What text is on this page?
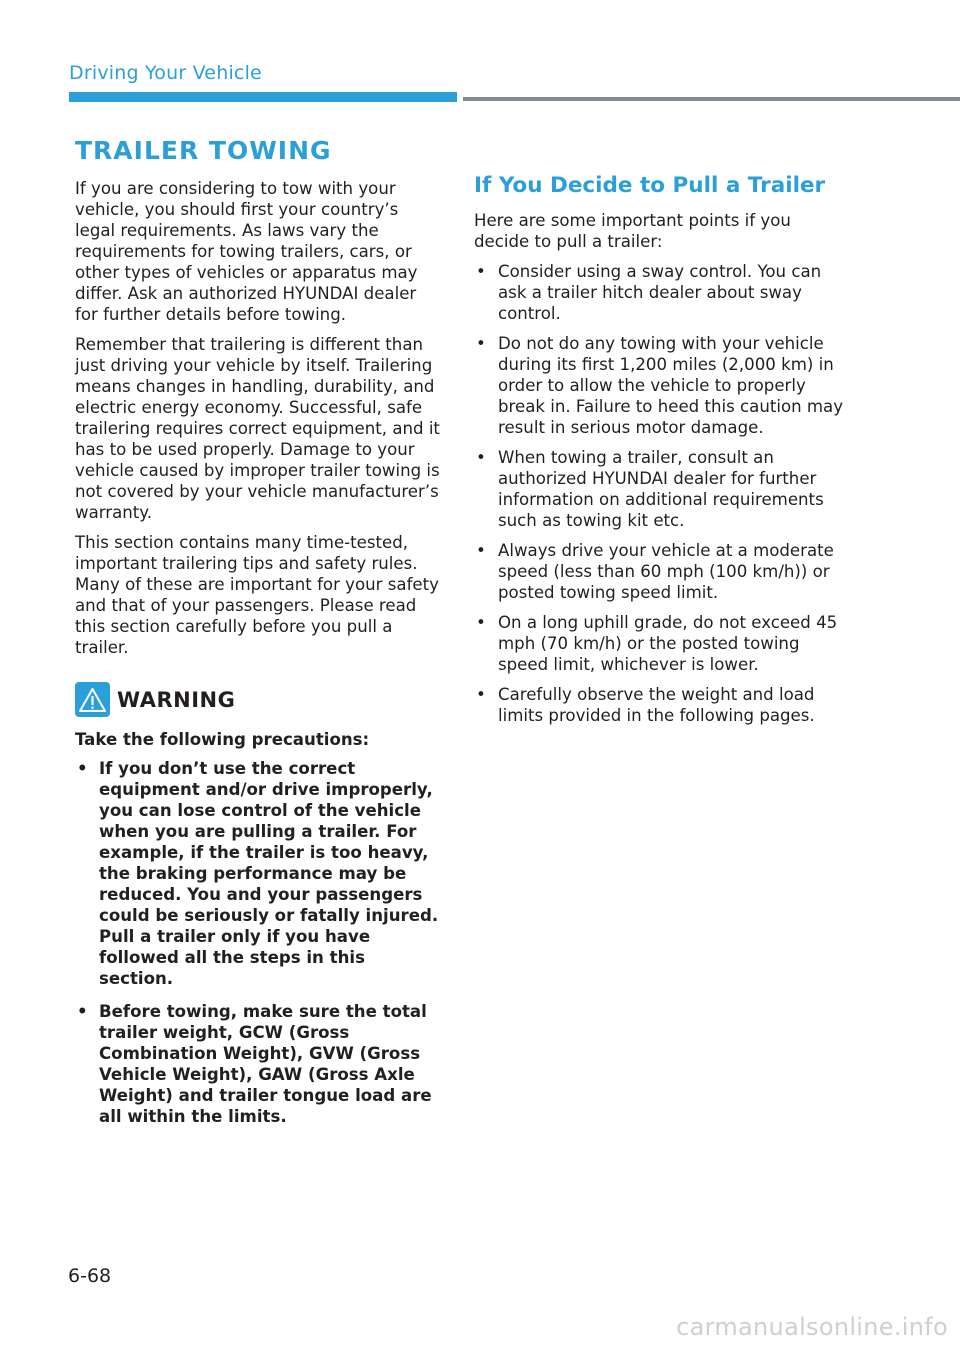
Driving Your Vehicle
TRAILER TOWING

If you are considering to tow with your vehicle, you should first your country’s legal requirements. As laws vary the requirements for towing trailers, cars, or other types of vehicles or apparatus may differ. Ask an authorized HYUNDAI dealer for further details before towing.

Remember that trailering is different than just driving your vehicle by itself. Trailering means changes in handling, durability, and electric energy economy. Successful, safe trailering requires correct equipment, and it has to be used properly. Damage to your vehicle caused by improper trailer towing is not covered by your vehicle manufacturer’s warranty.

This section contains many time-tested, important trailering tips and safety rules. Many of these are important for your safety and that of your passengers. Please read this section carefully before you pull a trailer.

WARNING

Take the following precautions:

• If you don’t use the correct equipment and/or drive improperly, you can lose control of the vehicle when you are pulling a trailer. For example, if the trailer is too heavy, the braking performance may be reduced. You and your passengers could be seriously or fatally injured. Pull a trailer only if you have followed all the steps in this section.
• Before towing, make sure the total trailer weight, GCW (Gross Combination Weight), GVW (Gross Vehicle Weight), GAW (Gross Axle Weight) and trailer tongue load are all within the limits.
If You Decide to Pull a Trailer

Here are some important points if you decide to pull a trailer:

• Consider using a sway control. You can ask a trailer hitch dealer about sway control.
• Do not do any towing with your vehicle during its first 1,200 miles (2,000 km) in order to allow the vehicle to properly break in. Failure to heed this caution may result in serious motor damage.
• When towing a trailer, consult an authorized HYUNDAI dealer for further information on additional requirements such as towing kit etc.
• Always drive your vehicle at a moderate speed (less than 60 mph (100 km/h)) or posted towing speed limit.
• On a long uphill grade, do not exceed 45 mph (70 km/h) or the posted towing speed limit, whichever is lower.
• Carefully observe the weight and load limits provided in the following pages.
6-68
carmanualsonline.info
